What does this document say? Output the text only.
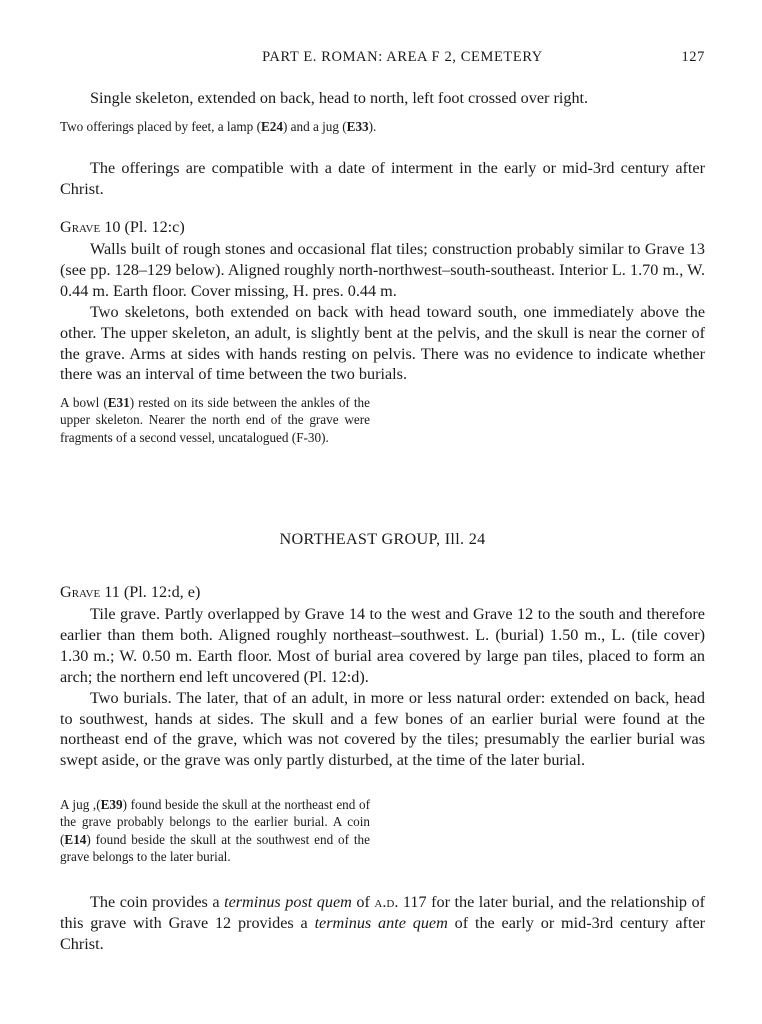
PART E. ROMAN: AREA F 2, CEMETERY	127

Single skeleton, extended on back, head to north, left foot crossed over right.

Two offerings placed by feet, a lamp (E24) and a jug (E33).

The offerings are compatible with a date of interment in the early or mid-3rd century after Christ.

Grave 10 (Pl. 12:c)

Walls built of rough stones and occasional flat tiles; construction probably similar to Grave 13 (see pp. 128–129 below). Aligned roughly north-northwest–south-southeast. Interior L. 1.70 m., W. 0.44 m. Earth floor. Cover missing, H. pres. 0.44 m.

Two skeletons, both extended on back with head toward south, one immediately above the other. The upper skeleton, an adult, is slightly bent at the pelvis, and the skull is near the corner of the grave. Arms at sides with hands resting on pelvis. There was no evidence to indicate whether there was an interval of time between the two burials.

A bowl (E31) rested on its side between the ankles of the upper skeleton. Nearer the north end of the grave were fragments of a second vessel, uncatalogued (F-30).

NORTHEAST GROUP, Ill. 24

Grave 11 (Pl. 12:d, e)

Tile grave. Partly overlapped by Grave 14 to the west and Grave 12 to the south and therefore earlier than them both. Aligned roughly northeast–southwest. L. (burial) 1.50 m., L. (tile cover) 1.30 m.; W. 0.50 m. Earth floor. Most of burial area covered by large pan tiles, placed to form an arch; the northern end left uncovered (Pl. 12:d).

Two burials. The later, that of an adult, in more or less natural order: extended on back, head to southwest, hands at sides. The skull and a few bones of an earlier burial were found at the northeast end of the grave, which was not covered by the tiles; presumably the earlier burial was swept aside, or the grave was only partly disturbed, at the time of the later burial.

A jug ,(E39) found beside the skull at the northeast end of the grave probably belongs to the earlier burial. A coin (E14) found beside the skull at the southwest end of the grave belongs to the later burial.

The coin provides a terminus post quem of a.d. 117 for the later burial, and the relationship of this grave with Grave 12 provides a terminus ante quem of the early or mid-3rd century after Christ.
